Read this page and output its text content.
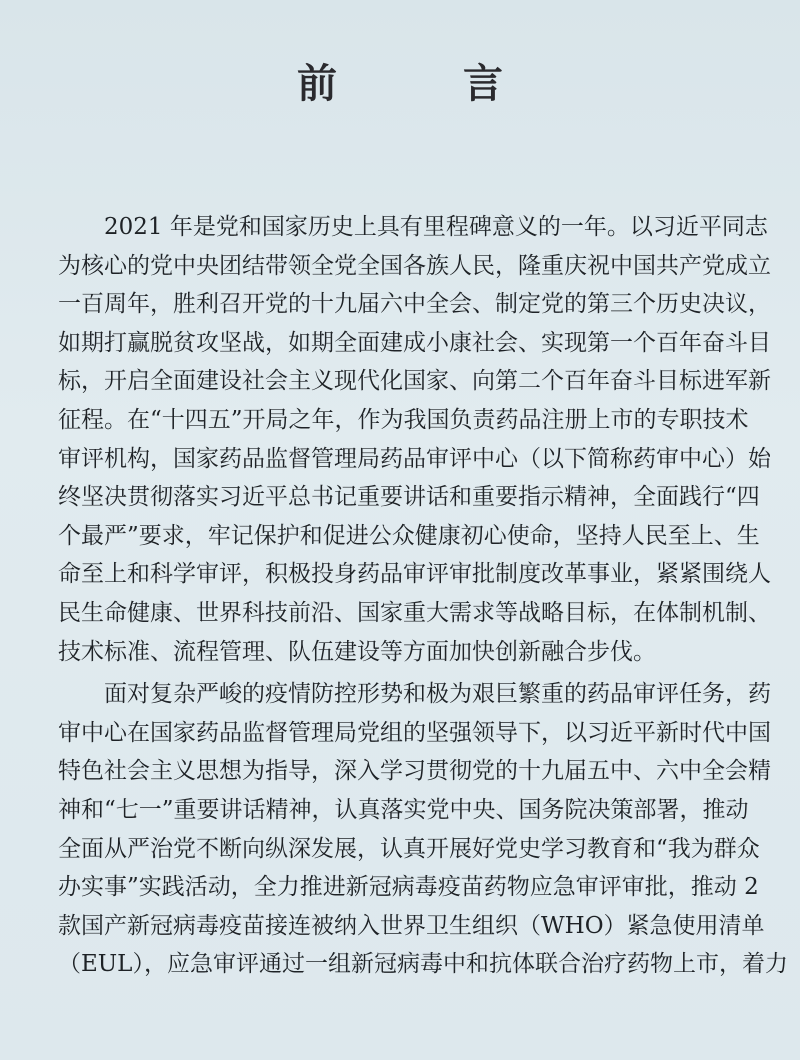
前 言
2021 年是党和国家历史上具有里程碑意义的一年。以习近平同志
为核心的党中央团结带领全党全国各族人民，隆重庆祝中国共产党成立
一百周年，胜利召开党的十九届六中全会、制定党的第三个历史决议，
如期打赢脱贫攻坚战，如期全面建成小康社会、实现第一个百年奋斗目
标，开启全面建设社会主义现代化国家、向第二个百年奋斗目标进军新
征程。在“十四五”开局之年，作为我国负责药品注册上市的专职技术
审评机构，国家药品监督管理局药品审评中心（以下简称药审中心）始
终坚决贯彻落实习近平总书记重要讲话和重要指示精神，全面践行“四
个最严”要求，牢记保护和促进公众健康初心使命，坚持人民至上、生
命至上和科学审评，积极投身药品审评审批制度改革事业，紧紧围绕人
民生命健康、世界科技前沿、国家重大需求等战略目标，在体制机制、
技术标准、流程管理、队伍建设等方面加快创新融合步伐。
面对复杂严峻的疫情防控形势和极为艰巨繁重的药品审评任务，药
审中心在国家药品监督管理局党组的坚强领导下，以习近平新时代中国
特色社会主义思想为指导，深入学习贯彻党的十九届五中、六中全会精
神和“七一”重要讲话精神，认真落实党中央、国务院决策部署，推动
全面从严治党不断向纵深发展，认真开展好党史学习教育和“我为群众
办实事”实践活动，全力推进新冠病毒疫苗药物应急审评审批，推动 2
款国产新冠病毒疫苗接连被纳入世界卫生组织（WHO）紧急使用清单
（EUL），应急审评通过一组新冠病毒中和抗体联合治疗药物上市，着力
